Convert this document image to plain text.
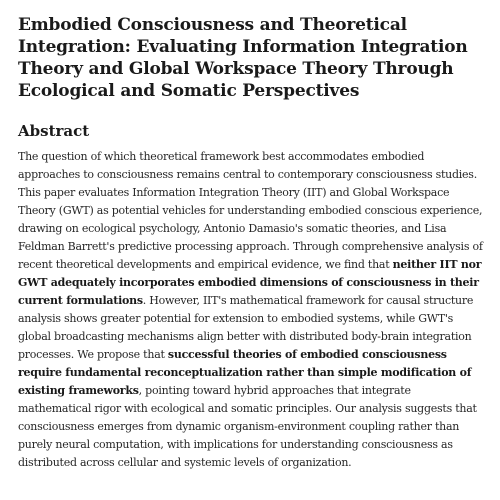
Embodied Consciousness and Theoretical Integration: Evaluating Information Integration Theory and Global Workspace Theory Through Ecological and Somatic Perspectives
Abstract

The question of which theoretical framework best accommodates embodied approaches to consciousness remains central to contemporary consciousness studies. This paper evaluates Information Integration Theory (IIT) and Global Workspace Theory (GWT) as potential vehicles for understanding embodied conscious experience, drawing on ecological psychology, Antonio Damasio's somatic theories, and Lisa Feldman Barrett's predictive processing approach. Through comprehensive analysis of recent theoretical developments and empirical evidence, we find that neither IIT nor GWT adequately incorporates embodied dimensions of consciousness in their current formulations. However, IIT's mathematical framework for causal structure analysis shows greater potential for extension to embodied systems, while GWT's global broadcasting mechanisms align better with distributed body-brain integration processes. We propose that successful theories of embodied consciousness require fundamental reconceptualization rather than simple modification of existing frameworks, pointing toward hybrid approaches that integrate mathematical rigor with ecological and somatic principles. Our analysis suggests that consciousness emerges from dynamic organism-environment coupling rather than purely neural computation, with implications for understanding consciousness as distributed across cellular and systemic levels of organization.
